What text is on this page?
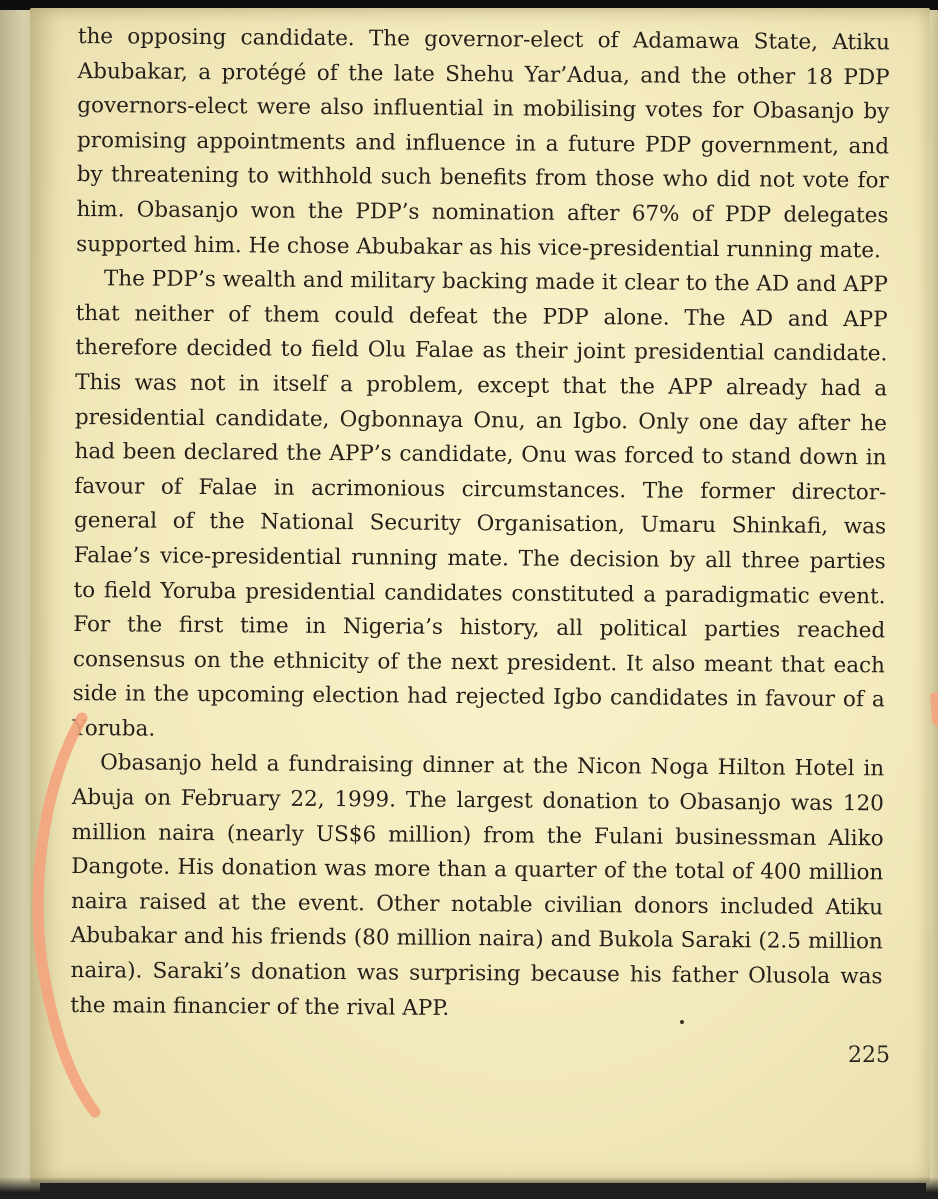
the opposing candidate. The governor-elect of Adamawa State, Atiku Abubakar, a protégé of the late Shehu Yar’Adua, and the other 18 PDP governors-elect were also influential in mobilising votes for Obasanjo by promising appointments and influence in a future PDP government, and by threatening to withhold such benefits from those who did not vote for him. Obasanjo won the PDP’s nomination after 67% of PDP delegates supported him. He chose Abubakar as his vice-presidential running mate.

The PDP’s wealth and military backing made it clear to the AD and APP that neither of them could defeat the PDP alone. The AD and APP therefore decided to field Olu Falae as their joint presidential candidate. This was not in itself a problem, except that the APP already had a presidential candidate, Ogbonnaya Onu, an Igbo. Only one day after he had been declared the APP’s candidate, Onu was forced to stand down in favour of Falae in acrimonious circumstances. The former director-general of the National Security Organisation, Umaru Shinkafi, was Falae’s vice-presidential running mate. The decision by all three parties to field Yoruba presidential candidates constituted a paradigmatic event. For the first time in Nigeria’s history, all political parties reached consensus on the ethnicity of the next president. It also meant that each side in the upcoming election had rejected Igbo candidates in favour of a Yoruba.

Obasanjo held a fundraising dinner at the Nicon Noga Hilton Hotel in Abuja on February 22, 1999. The largest donation to Obasanjo was 120 million naira (nearly US$6 million) from the Fulani businessman Aliko Dangote. His donation was more than a quarter of the total of 400 million naira raised at the event. Other notable civilian donors included Atiku Abubakar and his friends (80 million naira) and Bukola Saraki (2.5 million naira). Saraki’s donation was surprising because his father Olusola was the main financier of the rival APP.

225
